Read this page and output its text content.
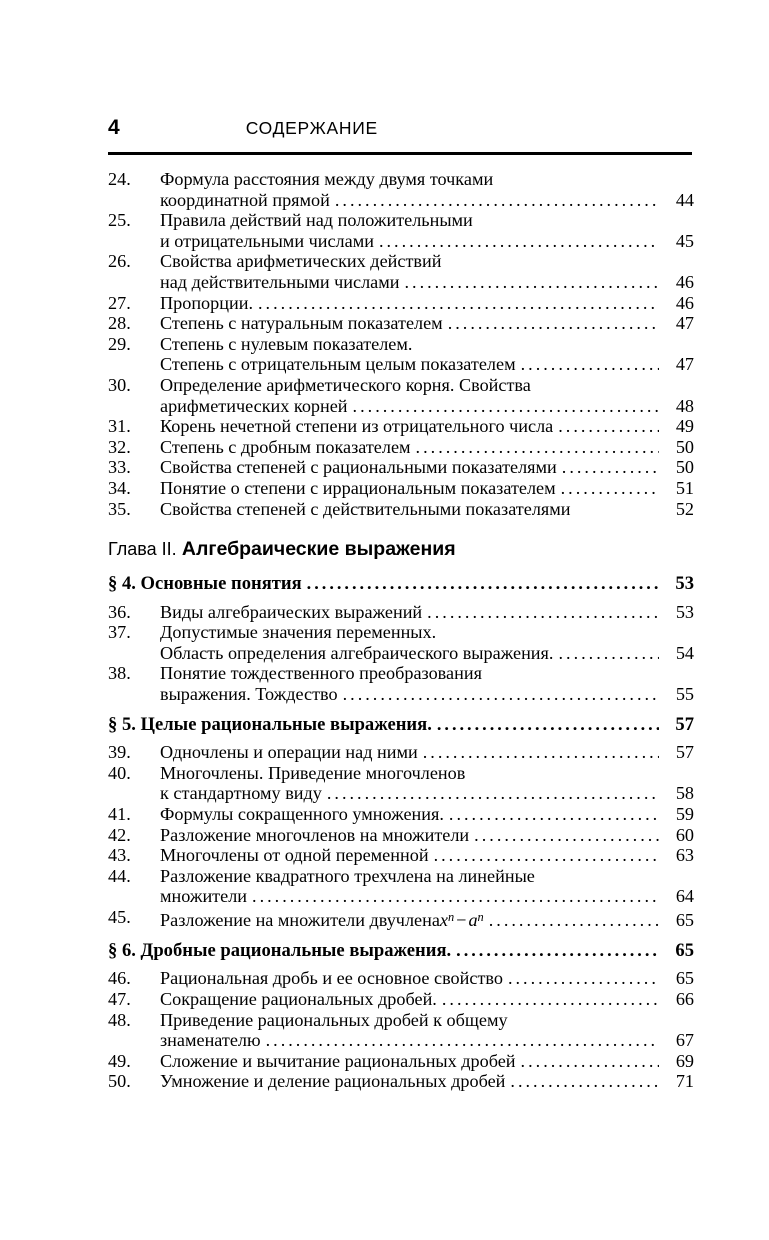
4	СОДЕРЖАНИЕ
24.	Формула расстояния между двумя точками
координатной прямой .....	44
25.	Правила действий над положительными
и отрицательными числами .....	45
26.	Свойства арифметических действий
над действительными числами .....	46
27.	Пропорции. .....	46
28.	Степень с натуральным показателем .....	47
29.	Степень с нулевым показателем.
Степень с отрицательным целым показателем .....	47
30.	Определение арифметического корня. Свойства
арифметических корней .....	48
31.	Корень нечетной степени из отрицательного числа .....	49
32.	Степень с дробным показателем .....	50
33.	Свойства степеней с рациональными показателями .....	50
34.	Понятие о степени с иррациональным показателем .....	51
35.	Свойства степеней с действительными показателями	52
Глава II. Алгебраические выражения
§ 4. Основные понятия .....	53
36.	Виды алгебраических выражений .....	53
37.	Допустимые значения переменных.
Область определения алгебраического выражения. .....	54
38.	Понятие тождественного преобразования
выражения. Тождество .....	55
§ 5. Целые рациональные выражения. .....	57
39.	Одночлены и операции над ними .....	57
40.	Многочлены. Приведение многочленов
к стандартному виду .....	58
41.	Формулы сокращенного умножения. .....	59
42.	Разложение многочленов на множители .....	60
43.	Многочлены от одной переменной .....	63
44.	Разложение квадратного трехчлена на линейные
множители .....	64
45.	Разложение на множители двучлена $x^n - a^n$ .....	65
§ 6. Дробные рациональные выражения. .....	65
46.	Рациональная дробь и ее основное свойство .....	65
47.	Сокращение рациональных дробей. .....	66
48.	Приведение рациональных дробей к общему
знаменателю .....	67
49.	Сложение и вычитание рациональных дробей .....	69
50.	Умножение и деление рациональных дробей .....	71
